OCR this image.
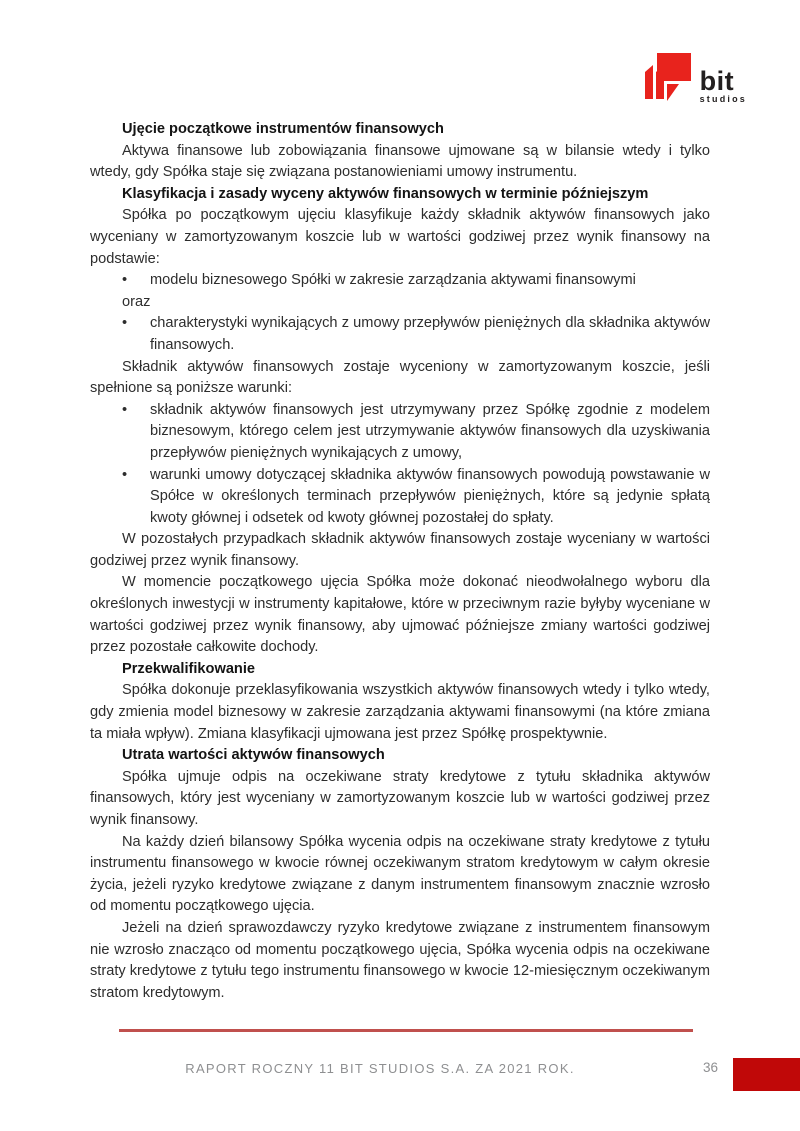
bit
studios
Ujęcie początkowe instrumentów finansowych

Aktywa finansowe lub zobowiązania finansowe ujmowane są w bilansie wtedy i tylko wtedy, gdy Spółka staje się związana postanowieniami umowy instrumentu.

Klasyfikacja i zasady wyceny aktywów finansowych w terminie późniejszym

Spółka po początkowym ujęciu klasyfikuje każdy składnik aktywów finansowych jako wyceniany w zamortyzowanym koszcie lub w wartości godziwej przez wynik finansowy na podstawie:

•	modelu biznesowego Spółki w zakresie zarządzania aktywami finansowymi

oraz

•	charakterystyki wynikających z umowy przepływów pieniężnych dla składnika aktywów finansowych.

Składnik aktywów finansowych zostaje wyceniony w zamortyzowanym koszcie, jeśli spełnione są poniższe warunki:

•	składnik aktywów finansowych jest utrzymywany przez Spółkę zgodnie z modelem biznesowym, którego celem jest utrzymywanie aktywów finansowych dla uzyskiwania przepływów pieniężnych wynikających z umowy,
•	warunki umowy dotyczącej składnika aktywów finansowych powodują powstawanie w Spółce w określonych terminach przepływów pieniężnych, które są jedynie spłatą kwoty głównej i odsetek od kwoty głównej pozostałej do spłaty.

W pozostałych przypadkach składnik aktywów finansowych zostaje wyceniany w wartości godziwej przez wynik finansowy.

W momencie początkowego ujęcia Spółka może dokonać nieodwołalnego wyboru dla określonych inwestycji w instrumenty kapitałowe, które w przeciwnym razie byłyby wyceniane w wartości godziwej przez wynik finansowy, aby ujmować późniejsze zmiany wartości godziwej przez pozostałe całkowite dochody.

Przekwalifikowanie

Spółka dokonuje przeklasyfikowania wszystkich aktywów finansowych wtedy i tylko wtedy, gdy zmienia model biznesowy w zakresie zarządzania aktywami finansowymi (na które zmiana ta miała wpływ). Zmiana klasyfikacji ujmowana jest przez Spółkę prospektywnie.

Utrata wartości aktywów finansowych

Spółka ujmuje odpis na oczekiwane straty kredytowe z tytułu składnika aktywów finansowych, który jest wyceniany w zamortyzowanym koszcie lub w wartości godziwej przez wynik finansowy.

Na każdy dzień bilansowy Spółka wycenia odpis na oczekiwane straty kredytowe z tytułu instrumentu finansowego w kwocie równej oczekiwanym stratom kredytowym w całym okresie życia, jeżeli ryzyko kredytowe związane z danym instrumentem finansowym znacznie wzrosło od momentu początkowego ujęcia.

Jeżeli na dzień sprawozdawczy ryzyko kredytowe związane z instrumentem finansowym nie wzrosło znacząco od momentu początkowego ujęcia, Spółka wycenia odpis na oczekiwane straty kredytowe z tytułu tego instrumentu finansowego w kwocie 12-miesięcznym oczekiwanym stratom kredytowym.

RAPORT ROCZNY 11 BIT STUDIOS S.A. ZA 2021 ROK.	36
